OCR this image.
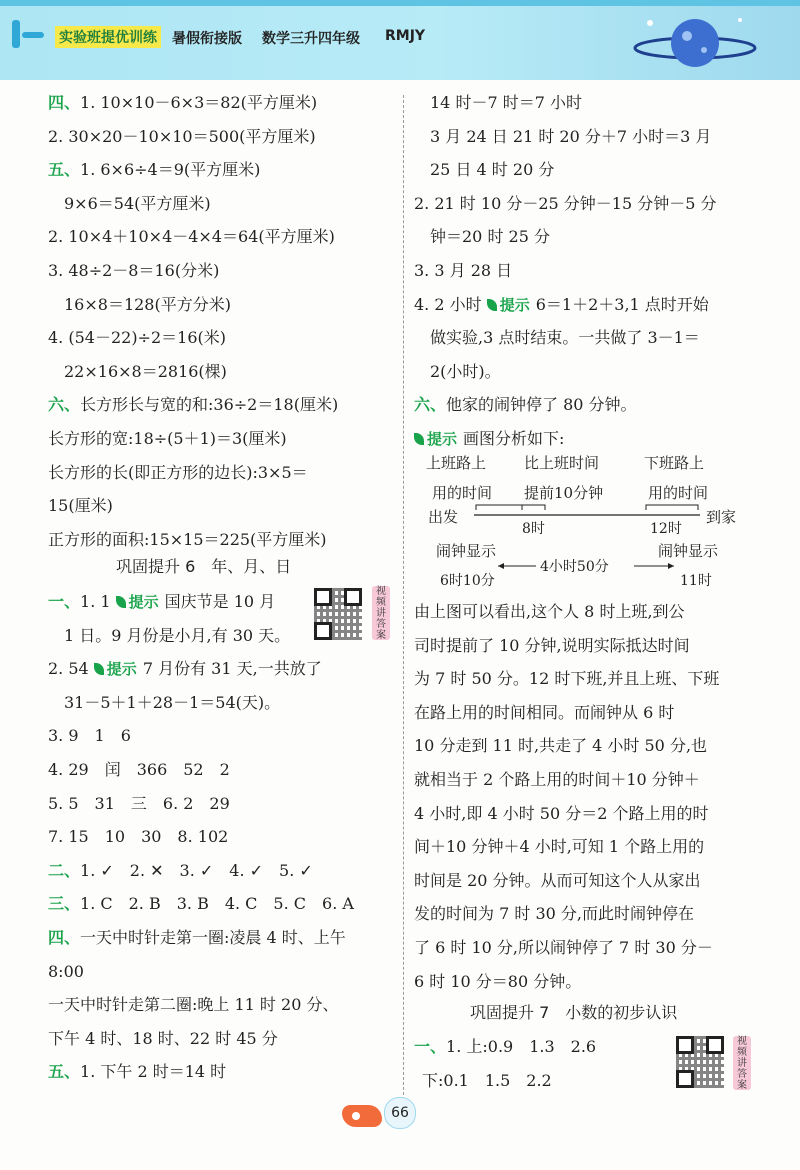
实验班提优训练 暑假衔接版 数学三升四年级 RMJY
四、1. 10×10－6×3＝82(平方厘米)
2. 30×20－10×10＝500(平方厘米)
五、1. 6×6÷4＝9(平方厘米)
9×6＝54(平方厘米)
2. 10×4＋10×4－4×4＝64(平方厘米)
3. 48÷2－8＝16(分米)
16×8＝128(平方分米)
4. (54－22)÷2＝16(米)
22×16×8＝2816(棵)
六、长方形长与宽的和:36÷2＝18(厘米)
长方形的宽:18÷(5＋1)＝3(厘米)
长方形的长(即正方形的边长):3×5＝
15(厘米)
正方形的面积:15×15＝225(平方厘米)
巩固提升 6　年、月、日
视频讲答案
一、1. 1 提示 国庆节是 10 月
1 日。9 月份是小月,有 30 天。
2. 54 提示 7 月份有 31 天,一共放了
31－5＋1＋28－1＝54(天)。
3. 9　1　6
4. 29　闰　366　52　2
5. 5　31　三　6. 2　29
7. 15　10　30　8. 102
二、1. ✓　2. ✕　3. ✓　4. ✓　5. ✓
三、1. C　2. B　3. B　4. C　5. C　6. A
四、一天中时针走第一圈:凌晨 4 时、上午
8:00
一天中时针走第二圈:晚上 11 时 20 分、
下午 4 时、18 时、22 时 45 分
五、1. 下午 2 时＝14 时
14 时－7 时＝7 小时
3 月 24 日 21 时 20 分＋7 小时＝3 月
25 日 4 时 20 分
2. 21 时 10 分－25 分钟－15 分钟－5 分
钟＝20 时 25 分
3. 3 月 28 日
4. 2 小时 提示 6＝1＋2＋3,1 点时开始
做实验,3 点时结束。一共做了 3－1＝
2(小时)。
六、他家的闹钟停了 80 分钟。
提示 画图分析如下:
上班路上
用的时间
比上班时间
提前10分钟
下班路上
用的时间
出发
8时	12时
到家
闹钟显示	闹钟显示
6时10分
4小时50分
11时
由上图可以看出,这个人 8 时上班,到公
司时提前了 10 分钟,说明实际抵达时间
为 7 时 50 分。12 时下班,并且上班、下班
在路上用的时间相同。而闹钟从 6 时
10 分走到 11 时,共走了 4 小时 50 分,也
就相当于 2 个路上用的时间＋10 分钟＋
4 小时,即 4 小时 50 分＝2 个路上用的时
间＋10 分钟＋4 小时,可知 1 个路上用的
时间是 20 分钟。从而可知这个人从家出
发的时间为 7 时 30 分,而此时闹钟停在
了 6 时 10 分,所以闹钟停了 7 时 30 分－
6 时 10 分＝80 分钟。
巩固提升 7　小数的初步认识
视频讲答案
一、1. 上:0.9　1.3　2.6
下:0.1　1.5　2.2
66
